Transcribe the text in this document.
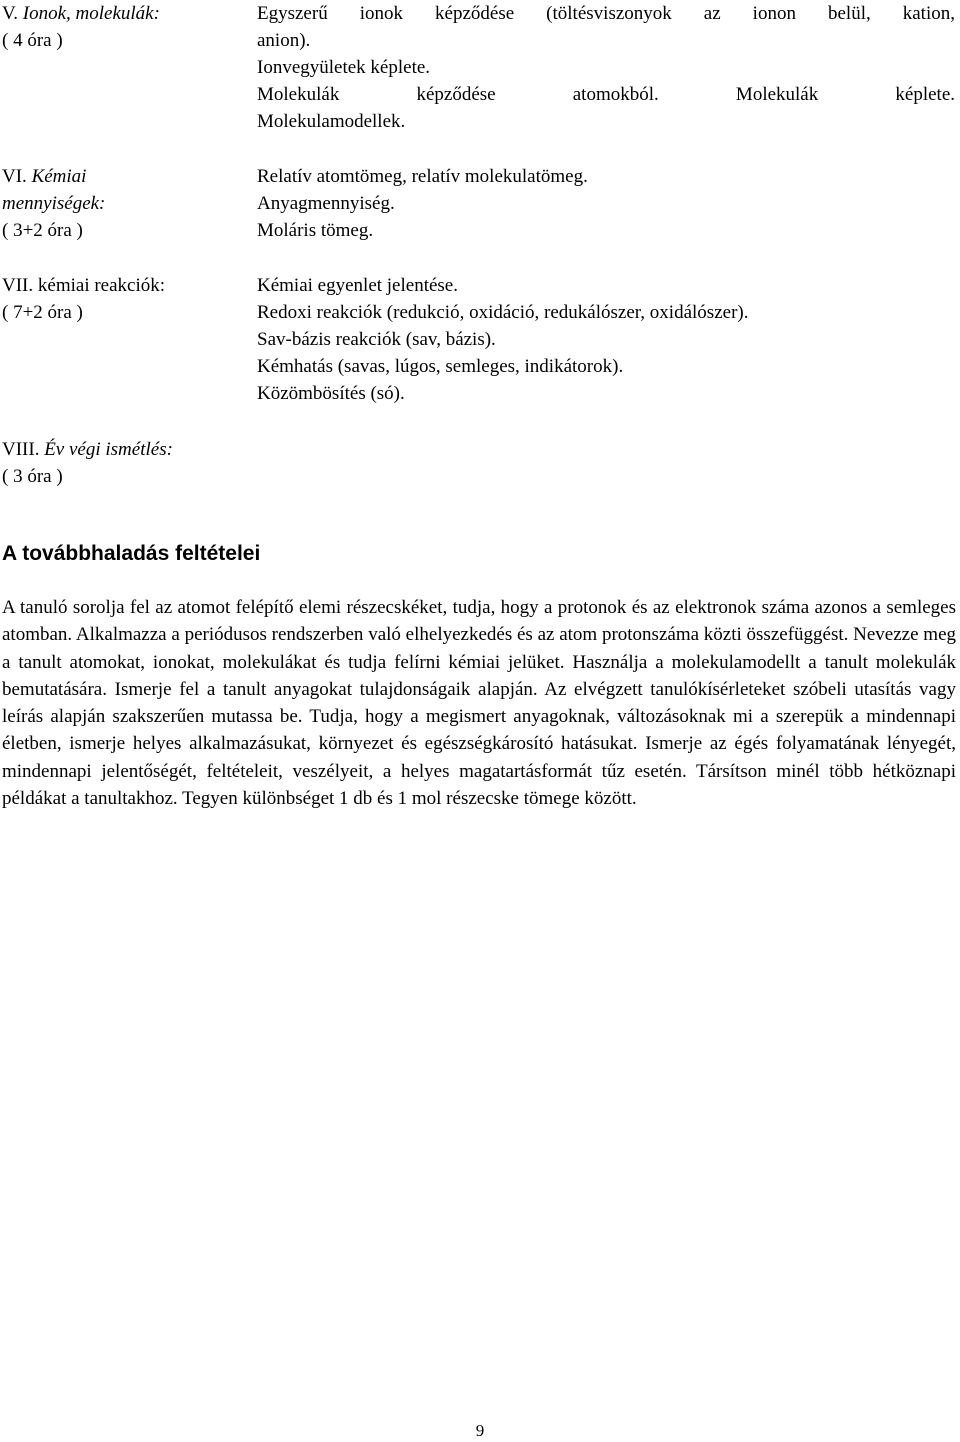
V. Ionok, molekulák:
( 4 óra )
Egyszerű ionok képződése (töltésviszonyok az ionon belül, kation,
anion).
Ionvegyületek képlete.
Molekulák képződése atomokból. Molekulák képlete.
Molekulamodellek.
VI. Kémiai
mennyiségek:
( 3+2 óra )
Relatív atomtömeg, relatív molekulatömeg.
Anyagmennyiség.
Moláris tömeg.
VII. kémiai reakciók:
( 7+2 óra )
Kémiai egyenlet jelentése.
Redoxi reakciók (redukció, oxidáció, redukálószer, oxidálószer).
Sav-bázis reakciók (sav, bázis).
Kémhatás (savas, lúgos, semleges, indikátorok).
Közömbösítés (só).
VIII. Év végi ismétlés:
( 3 óra )
A továbbhaladás feltételei
A tanuló sorolja fel az atomot felépítő elemi részecskéket, tudja, hogy a protonok és az elektronok száma azonos a semleges atomban. Alkalmazza a periódusos rendszerben való elhelyezkedés és az atom protonszáma közti összefüggést. Nevezze meg a tanult atomokat, ionokat, molekulákat és tudja felírni kémiai jelüket. Használja a molekulamodellt a tanult molekulák bemutatására. Ismerje fel a tanult anyagokat tulajdonságaik alapján. Az elvégzett tanulókísérleteket szóbeli utasítás vagy leírás alapján szakszerűen mutassa be. Tudja, hogy a megismert anyagoknak, változásoknak mi a szerepük a mindennapi életben, ismerje helyes alkalmazásukat, környezet és egészségkárosító hatásukat. Ismerje az égés folyamatának lényegét, mindennapi jelentőségét, feltételeit, veszélyeit, a helyes magatartásformát tűz esetén. Társítson minél több hétköznapi példákat a tanultakhoz. Tegyen különbséget 1 db és 1 mol részecske tömege között.
9
